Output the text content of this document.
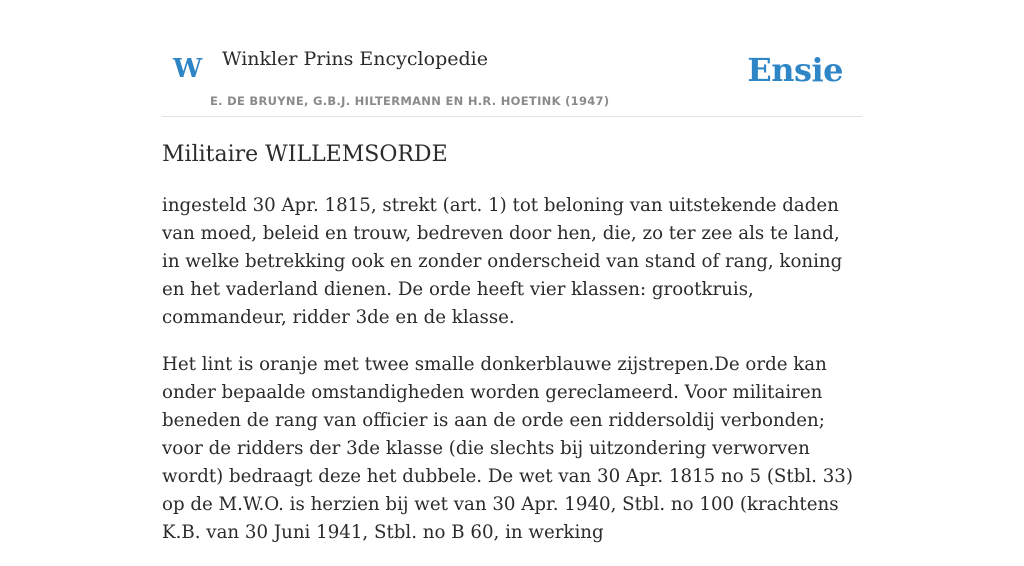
W Winkler Prins Encyclopedie
E. DE BRUYNE, G.B.J. HILTERMANN EN H.R. HOETINK (1947)
Ensie
Militaire WILLEMSORDE

ingesteld 30 Apr. 1815, strekt (art. 1) tot beloning van uitstekende daden van moed, beleid en trouw, bedreven door hen, die, zo ter zee als te land, in welke betrekking ook en zonder onderscheid van stand of rang, koning en het vaderland dienen. De orde heeft vier klassen: grootkruis, commandeur, ridder 3de en de klasse.

Het lint is oranje met twee smalle donkerblauwe zijstrepen.De orde kan onder bepaalde omstandigheden worden gereclameerd. Voor militairen beneden de rang van officier is aan de orde een riddersoldij verbonden; voor de ridders der 3de klasse (die slechts bij uitzondering verworven wordt) bedraagt deze het dubbele. De wet van 30 Apr. 1815 no 5 (Stbl. 33) op de M.W.O. is herzien bij wet van 30 Apr. 1940, Stbl. no 100 (krachtens K.B. van 30 Juni 1941, Stbl. no B 60, in werking
